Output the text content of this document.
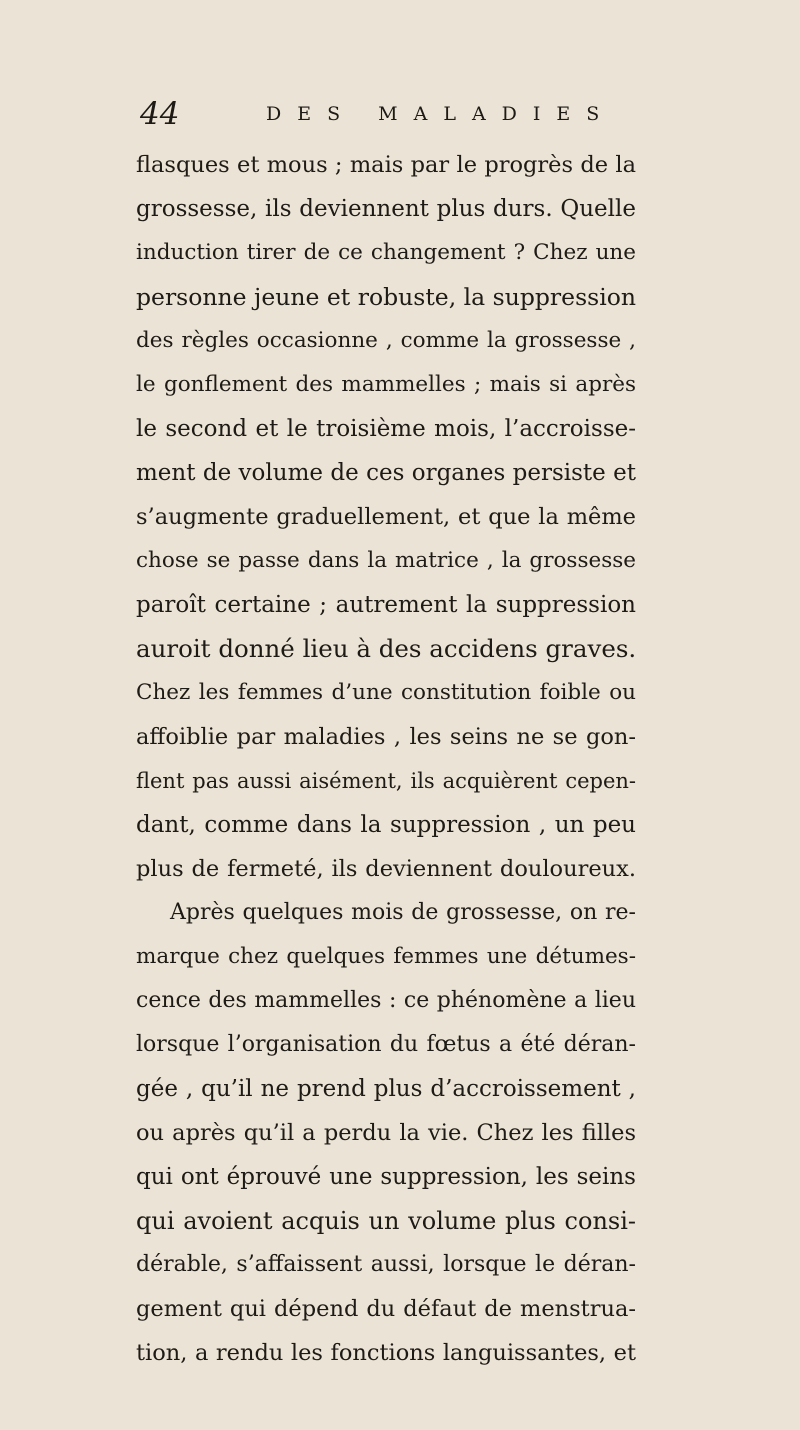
44	DES MALADIES
flasques et mous ; mais par le progrès de la
grossesse, ils deviennent plus durs. Quelle
induction tirer de ce changement ? Chez une
personne jeune et robuste, la suppression
des règles occasionne , comme la grossesse ,
le gonflement des mammelles ; mais si après
le second et le troisième mois, l’accroisse-
ment de volume de ces organes persiste et
s’augmente graduellement, et que la même
chose se passe dans la matrice , la grossesse
paroît certaine ; autrement la suppression
auroit donné lieu à des accidens graves.
Chez les femmes d’une constitution foible ou
affoiblie par maladies , les seins ne se gon-
flent pas aussi aisément, ils acquièrent cepen-
dant, comme dans la suppression , un peu
plus de fermeté, ils deviennent douloureux.
Après quelques mois de grossesse, on re-
marque chez quelques femmes une détumes-
cence des mammelles : ce phénomène a lieu
lorsque l’organisation du fœtus a été déran-
gée , qu’il ne prend plus d’accroissement ,
ou après qu’il a perdu la vie. Chez les filles
qui ont éprouvé une suppression, les seins
qui avoient acquis un volume plus consi-
dérable, s’affaissent aussi, lorsque le déran-
gement qui dépend du défaut de menstrua-
tion, a rendu les fonctions languissantes, et
